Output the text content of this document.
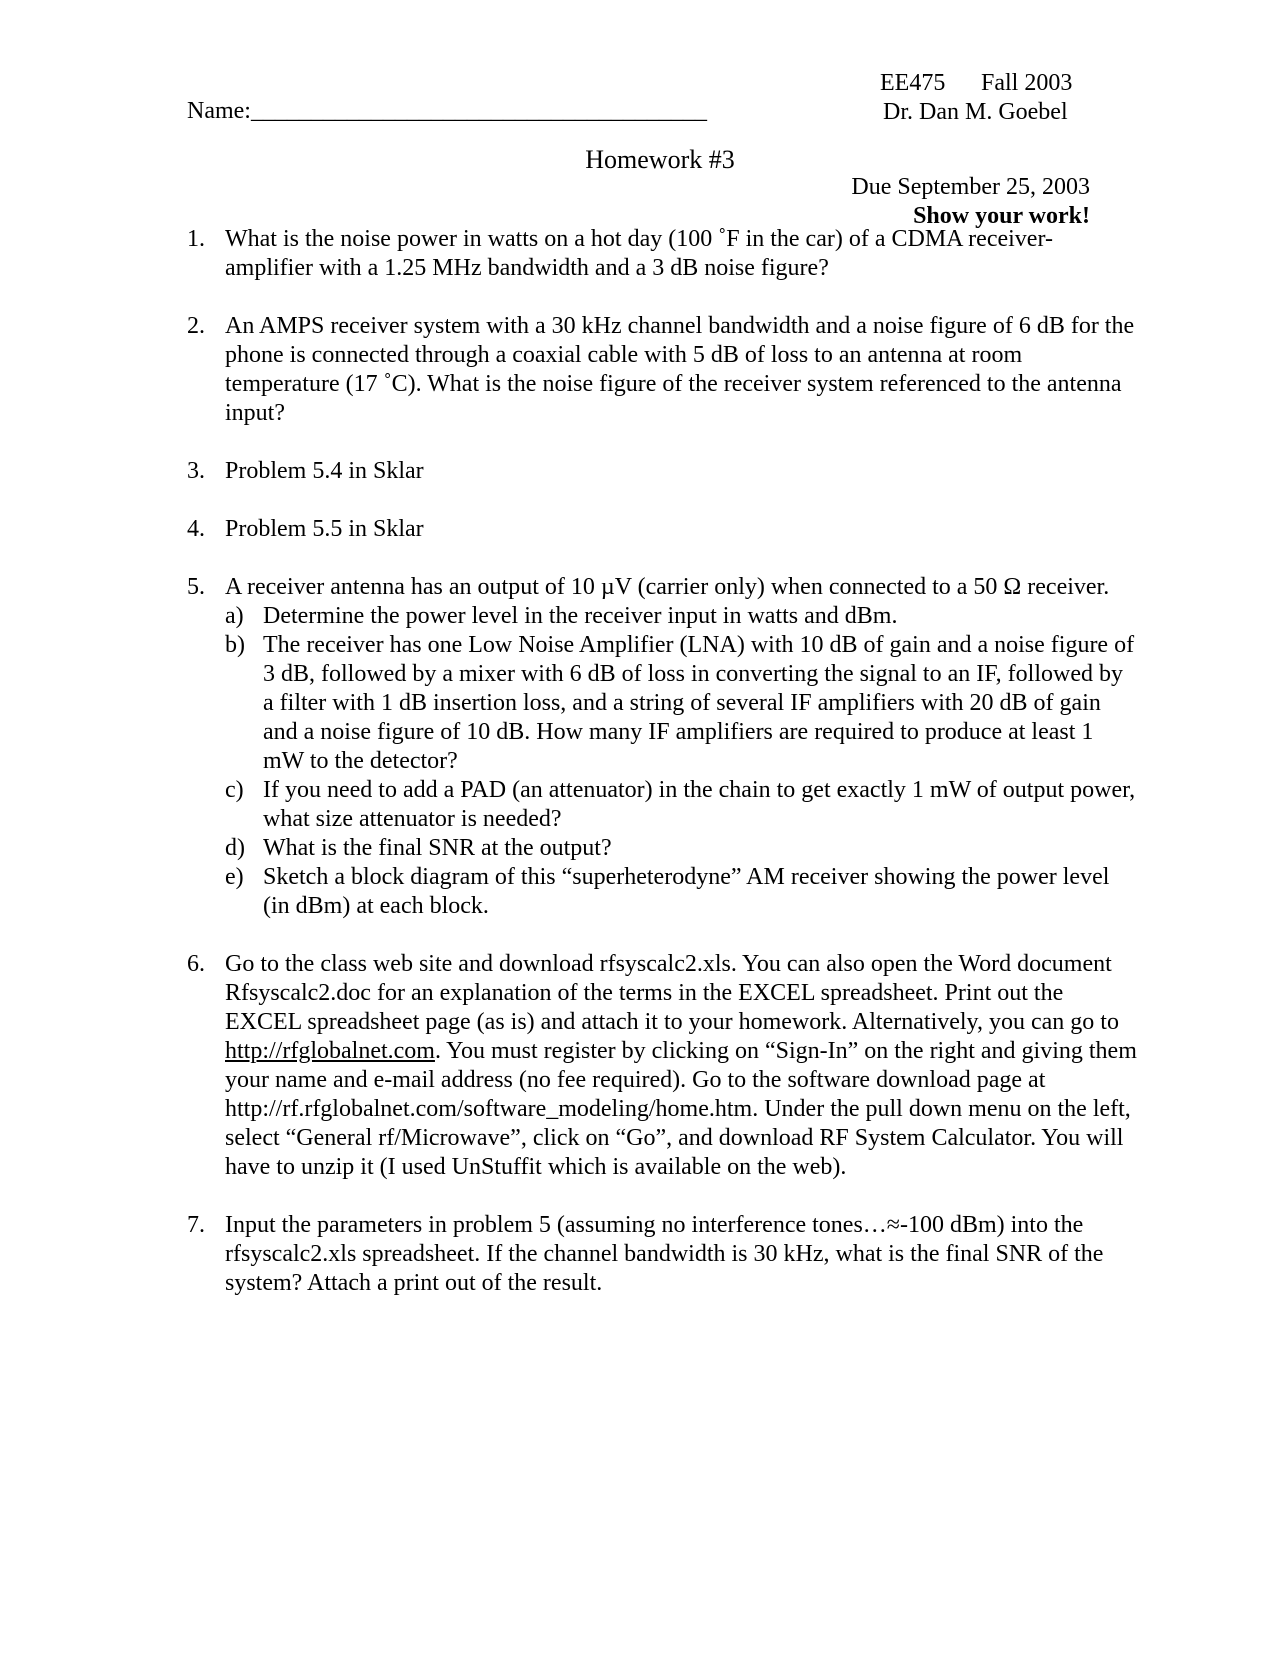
EE475 Fall 2003
Dr. Dan M. Goebel
Name:______________________________________
Homework #3
Due September 25, 2003
Show your work!
1. What is the noise power in watts on a hot day (100 ˚F in the car) of a CDMA receiver-amplifier with a 1.25 MHz bandwidth and a 3 dB noise figure?
2. An AMPS receiver system with a 30 kHz channel bandwidth and a noise figure of 6 dB for the phone is connected through a coaxial cable with 5 dB of loss to an antenna at room temperature (17 ˚C). What is the noise figure of the receiver system referenced to the antenna input?
3. Problem 5.4 in Sklar
4. Problem 5.5 in Sklar
5. A receiver antenna has an output of 10 µV (carrier only) when connected to a 50 Ω receiver.
a) Determine the power level in the receiver input in watts and dBm.
b) The receiver has one Low Noise Amplifier (LNA) with 10 dB of gain and a noise figure of 3 dB, followed by a mixer with 6 dB of loss in converting the signal to an IF, followed by a filter with 1 dB insertion loss, and a string of several IF amplifiers with 20 dB of gain and a noise figure of 10 dB. How many IF amplifiers are required to produce at least 1 mW to the detector?
c) If you need to add a PAD (an attenuator) in the chain to get exactly 1 mW of output power, what size attenuator is needed?
d) What is the final SNR at the output?
e) Sketch a block diagram of this “superheterodyne” AM receiver showing the power level (in dBm) at each block.
6. Go to the class web site and download rfsyscalc2.xls. You can also open the Word document Rfsyscalc2.doc for an explanation of the terms in the EXCEL spreadsheet. Print out the EXCEL spreadsheet page (as is) and attach it to your homework. Alternatively, you can go to http://rfglobalnet.com. You must register by clicking on “Sign-In” on the right and giving them your name and e-mail address (no fee required). Go to the software download page at http://rf.rfglobalnet.com/software_modeling/home.htm. Under the pull down menu on the left, select “General rf/Microwave”, click on “Go”, and download RF System Calculator. You will have to unzip it (I used UnStuffit which is available on the web).
7. Input the parameters in problem 5 (assuming no interference tones…≈-100 dBm) into the rfsyscalc2.xls spreadsheet. If the channel bandwidth is 30 kHz, what is the final SNR of the system? Attach a print out of the result.
